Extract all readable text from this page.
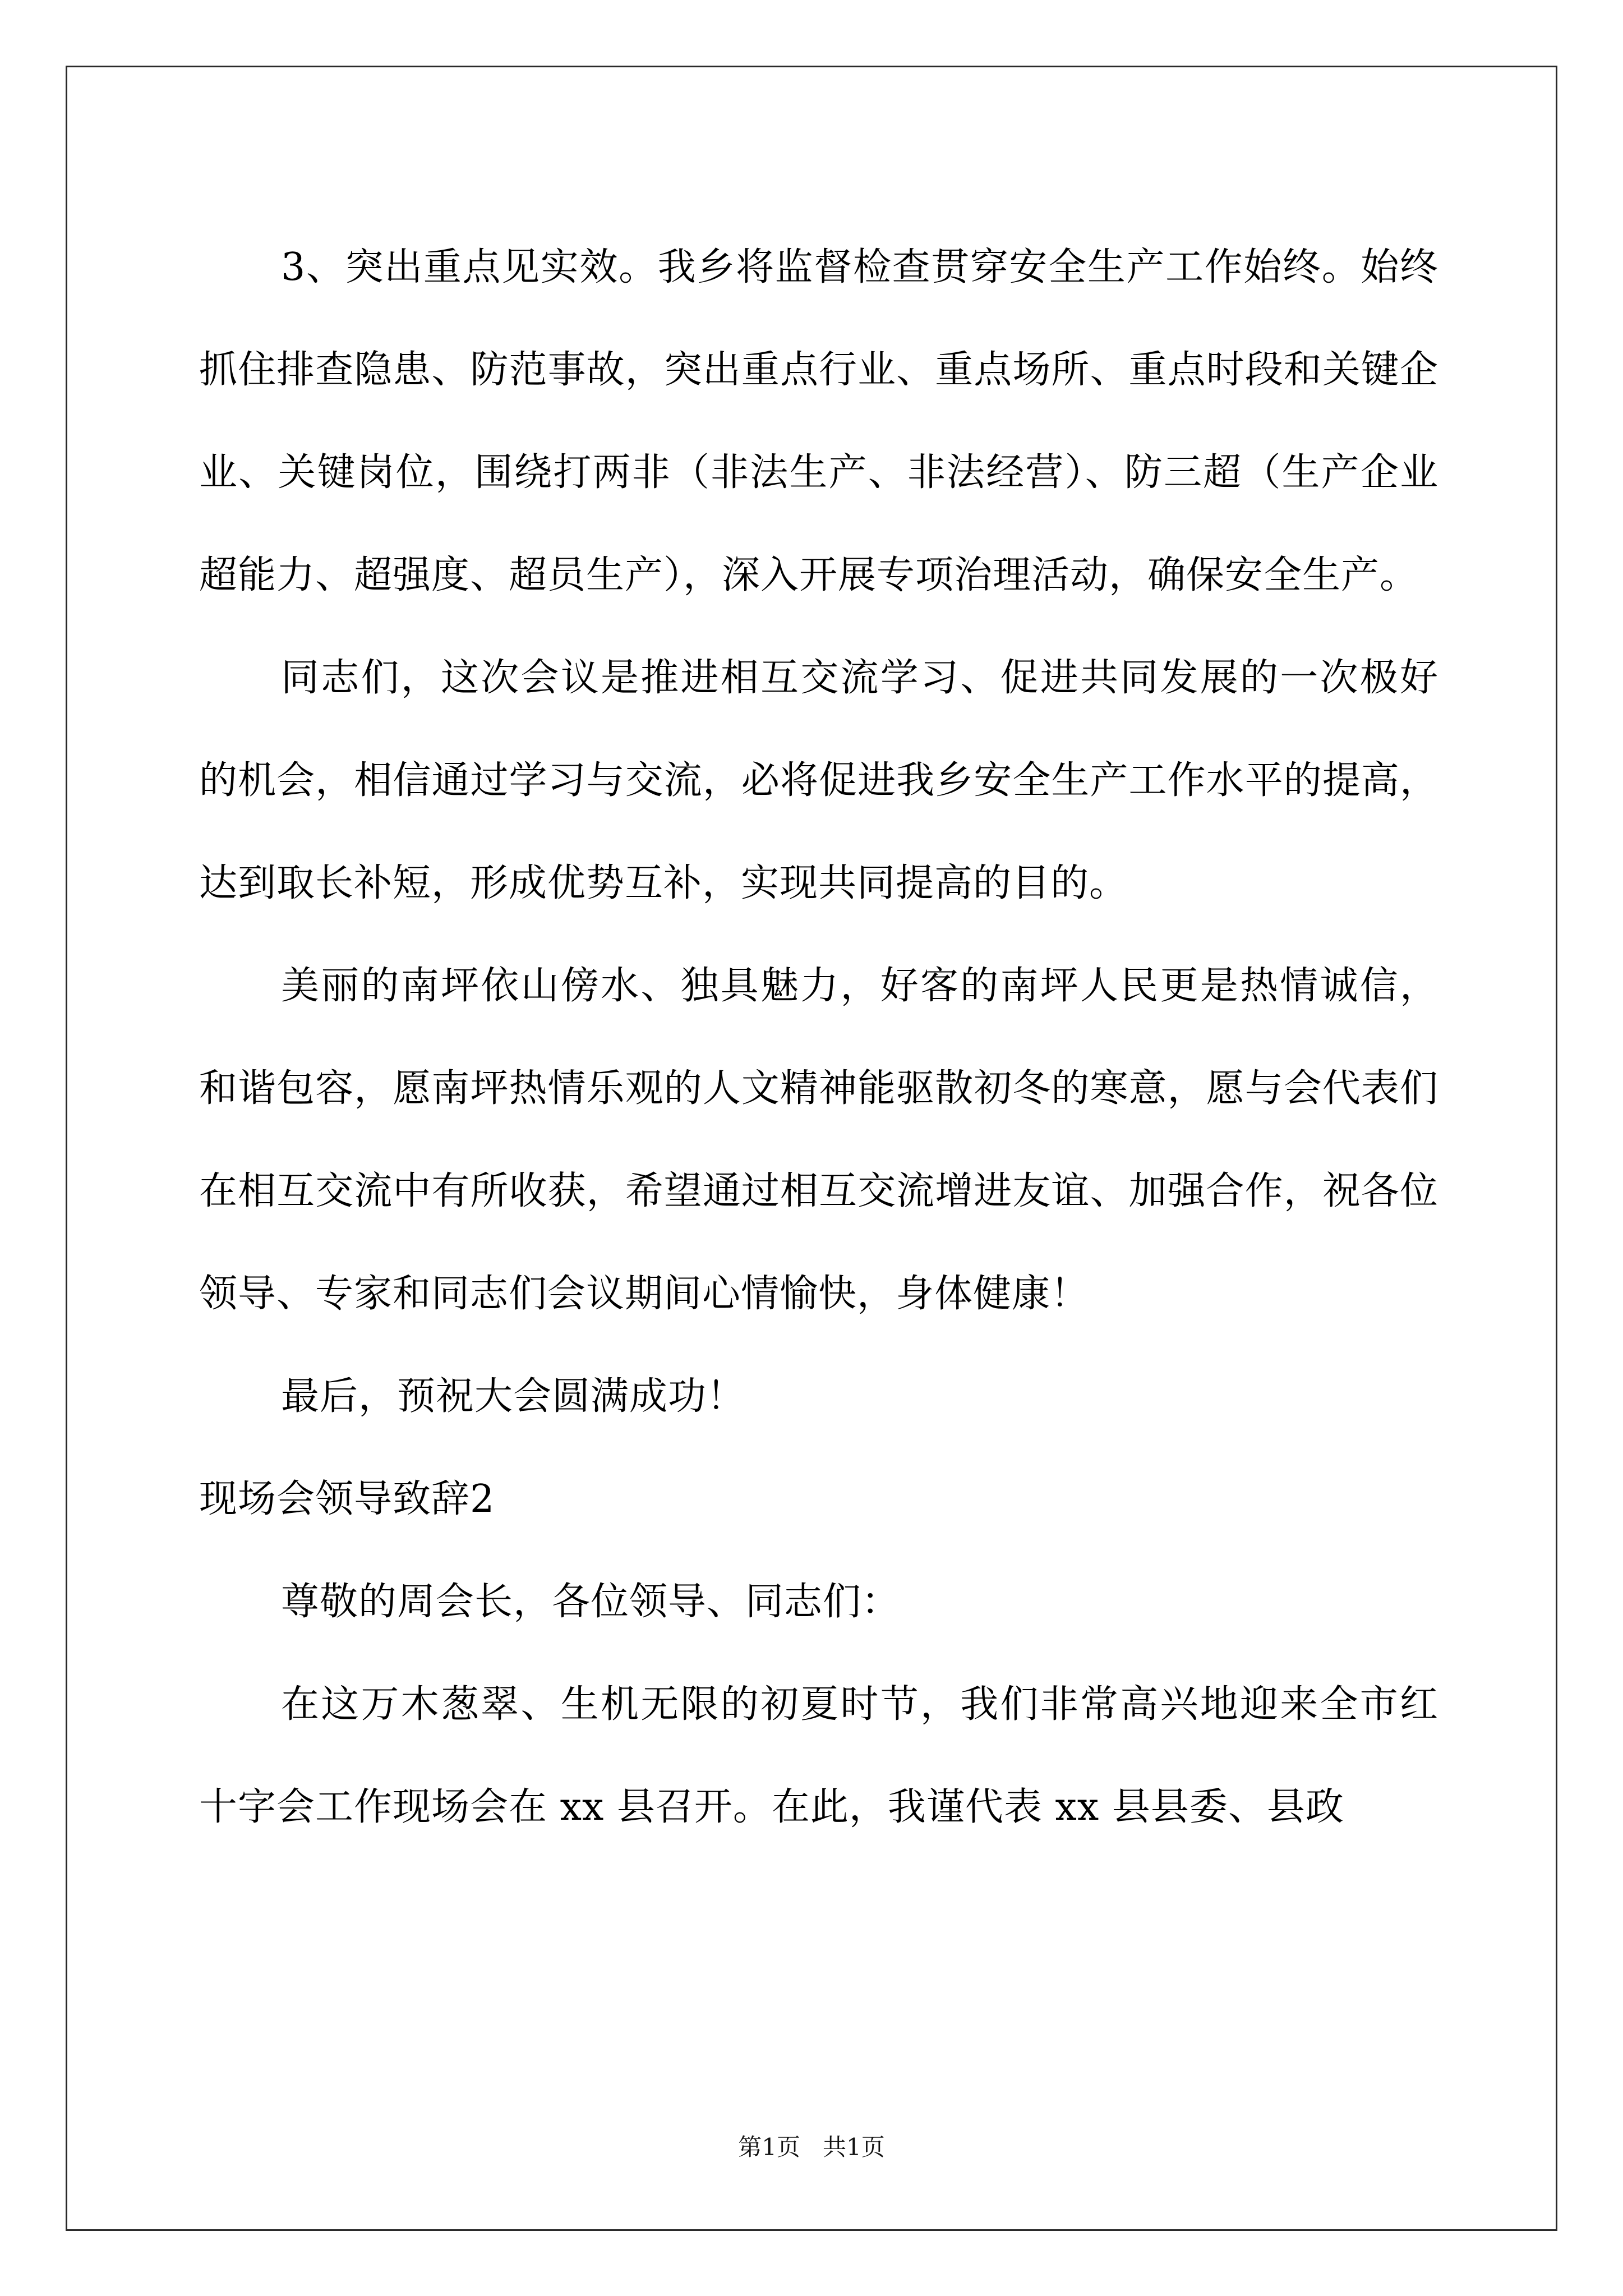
3、突出重点见实效。我乡将监督检查贯穿安全生产工作始终。始终抓住排查隐患、防范事故，突出重点行业、重点场所、重点时段和关键企业、关键岗位，围绕打两非（非法生产、非法经营）、防三超（生产企业超能力、超强度、超员生产），深入开展专项治理活动，确保安全生产。

同志们，这次会议是推进相互交流学习、促进共同发展的一次极好的机会，相信通过学习与交流，必将促进我乡安全生产工作水平的提高，达到取长补短，形成优势互补，实现共同提高的目的。

美丽的南坪依山傍水、独具魅力，好客的南坪人民更是热情诚信，和谐包容，愿南坪热情乐观的人文精神能驱散初冬的寒意，愿与会代表们在相互交流中有所收获，希望通过相互交流增进友谊、加强合作，祝各位领导、专家和同志们会议期间心情愉快，身体健康！

最后，预祝大会圆满成功！

现场会领导致辞2

尊敬的周会长，各位领导、同志们：

在这万木葱翠、生机无限的初夏时节，我们非常高兴地迎来全市红十字会工作现场会在 xx 县召开。在此，我谨代表 xx 县县委、县政

第1页 共1页
